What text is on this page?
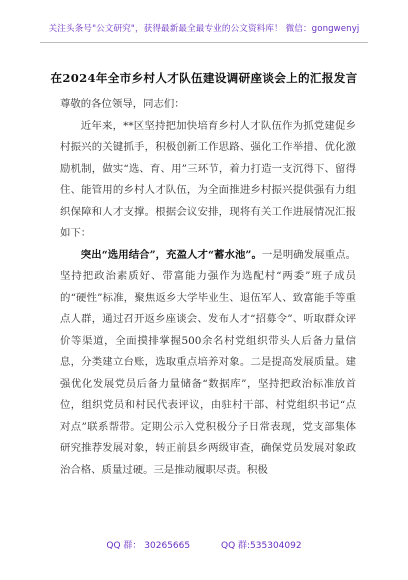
关注头条号"公文研究"，获得最新最全最专业的公文资料库！ 微信：gongwenyj
在2024年全市乡村人才队伍建设调研座谈会上的汇报发言

尊敬的各位领导，同志们：

近年来，**区坚持把加快培育乡村人才队伍作为抓党建促乡村振兴的关键抓手，积极创新工作思路、强化工作举措、优化激励机制，做实“选、育、用”三环节，着力打造一支沉得下、留得住、能管用的乡村人才队伍，为全面推进乡村振兴提供强有力组织保障和人才支撑。根据会议安排，现将有关工作进展情况汇报如下：

突出“选用结合”，充盈人才“蓄水池”。一是明确发展重点。坚持把政治素质好、带富能力强作为选配村“两委”班子成员的“硬性”标准，聚焦返乡大学毕业生、退伍军人、致富能手等重点人群，通过召开返乡座谈会、发布人才“招募令”、听取群众评价等渠道，全面摸排掌握500余名村党组织带头人后备力量信息，分类建立台账，选取重点培养对象。二是提高发展质量。建强优化发展党员后备力量储备“数据库”，坚持把政治标准放首位，组织党员和村民代表评议，由驻村干部、村党组织书记“点对点”联系帮带。定期公示入党积极分子日常表现，党支部集体研究推荐发展对象，转正前县乡两级审查，确保党员发展对象政治合格、质量过硬。三是推动履职尽责。积极

QQ 群： 30265665	QQ 群:535304092
